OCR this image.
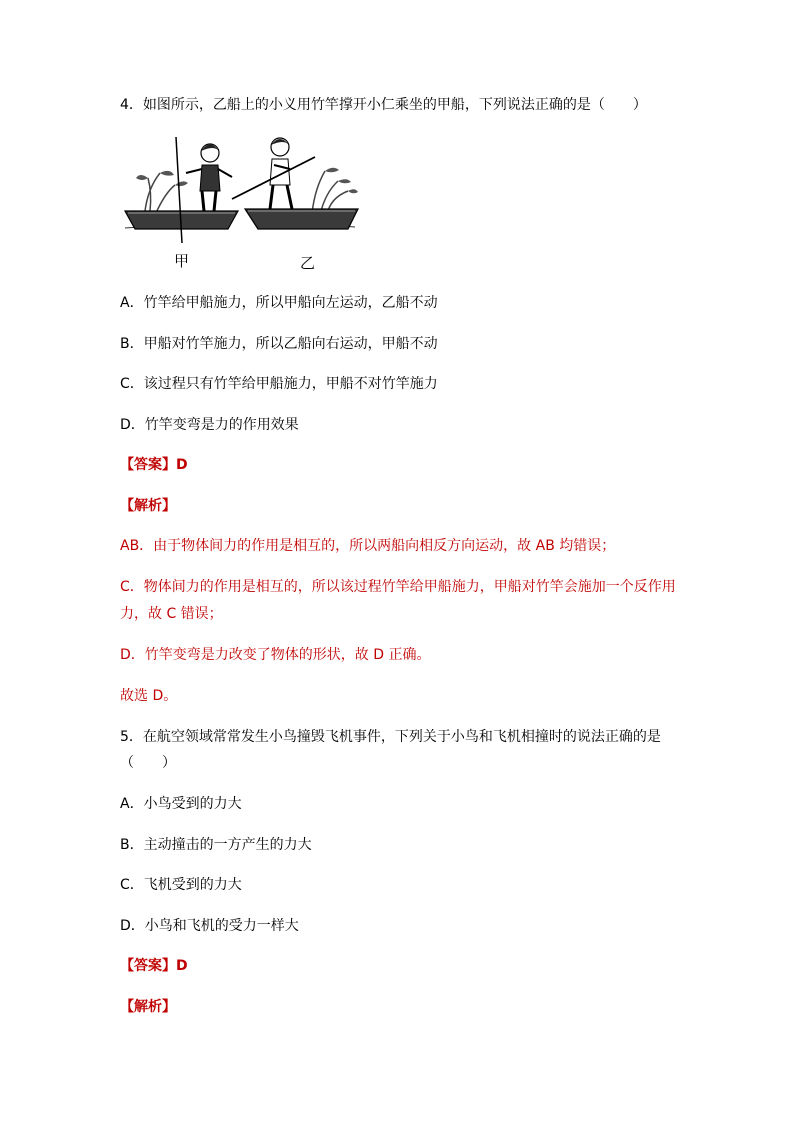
4．如图所示，乙船上的小义用竹竿撑开小仁乘坐的甲船，下列说法正确的是（　　）
甲	乙
A．竹竿给甲船施力，所以甲船向左运动，乙船不动
B．甲船对竹竿施力，所以乙船向右运动，甲船不动
C．该过程只有竹竿给甲船施力，甲船不对竹竿施力
D．竹竿变弯是力的作用效果
【答案】D
【解析】
AB．由于物体间力的作用是相互的，所以两船向相反方向运动，故 AB 均错误；
C．物体间力的作用是相互的，所以该过程竹竿给甲船施力，甲船对竹竿会施加一个反作用
力，故 C 错误；
D．竹竿变弯是力改变了物体的形状，故 D 正确。
故选 D。
5．在航空领域常常发生小鸟撞毁飞机事件，下列关于小鸟和飞机相撞时的说法正确的是
（　　）
A．小鸟受到的力大
B．主动撞击的一方产生的力大
C．飞机受到的力大
D．小鸟和飞机的受力一样大
【答案】D
【解析】
